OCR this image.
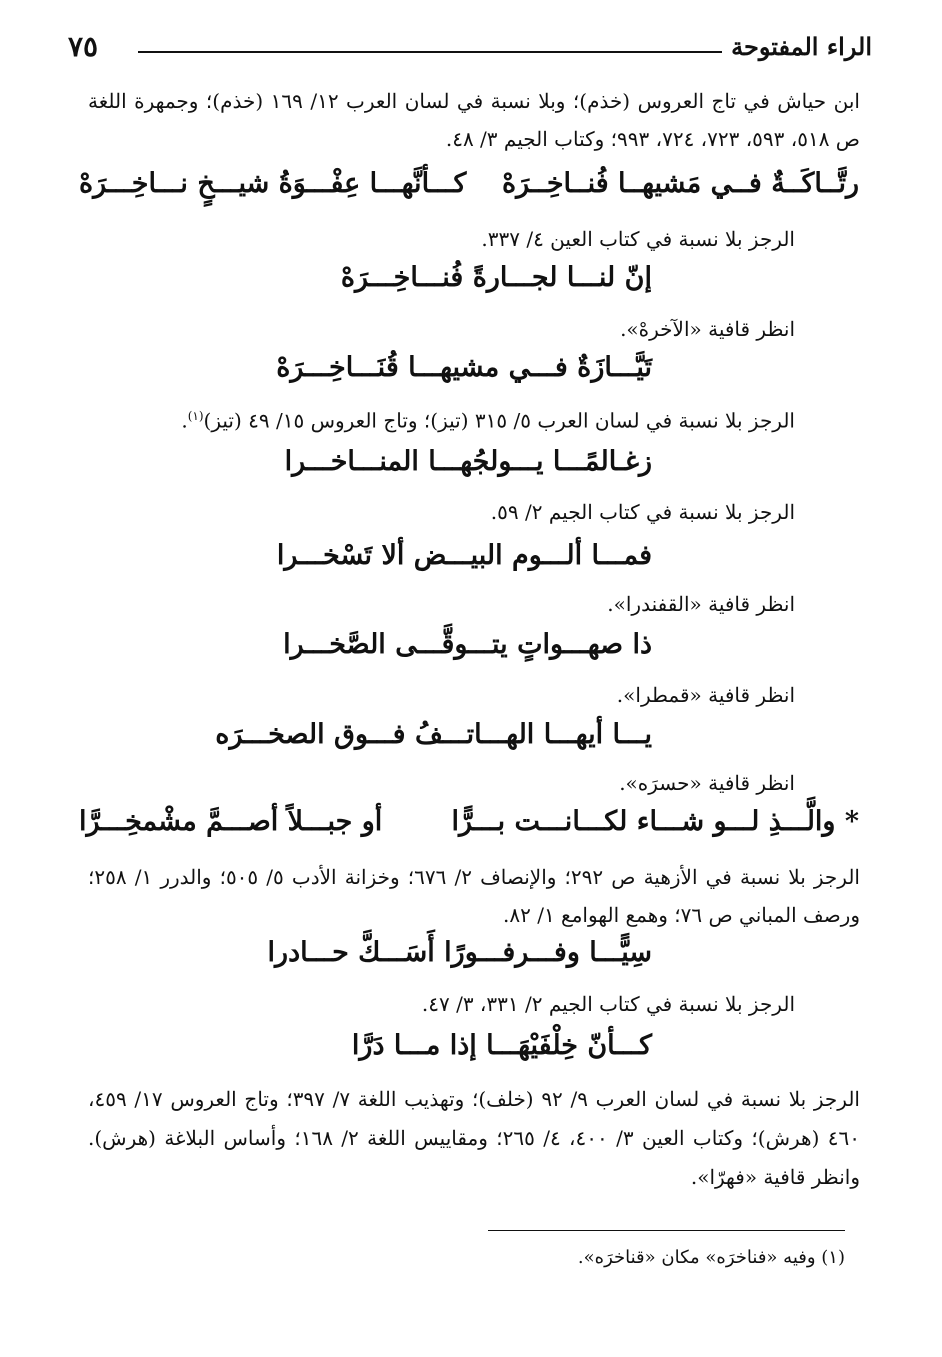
الراء المفتوحة
٧٥
ابن حياش في تاج العروس (خذم)؛ وبلا نسبة في لسان العرب ١٢/ ١٦٩ (خذم)؛ وجمهرة اللغة ص ٥١٨، ٥٩٣، ٧٢٣، ٧٢٤، ٩٩٣؛ وكتاب الجيم ٣/ ٤٨.
رتَّــاكَــةٌ فــي مَشيهــا فُنــاخِــرَهْ
كـــأنَّهـــا عِفْـــوَةُ شيـــخٍ نـــاخِـــرَهْ
الرجز بلا نسبة في كتاب العين ٤/ ٣٣٧.
إنّ لنـــا لجـــارةً فُنـــاخِـــرَهْ
انظر قافية «الآخرهْ».
تَيَّـــازَةٌ فـــي مشيهـــا قُنَـــاخِـــرَهْ
الرجز بلا نسبة في لسان العرب ٥/ ٣١٥ (تيز)؛ وتاج العروس ١٥/ ٤٩ (تيز)$^{(١)}$.
زغـالمًـــا يـــولجُهـــا المنـــاخـــرا
الرجز بلا نسبة في كتاب الجيم ٢/ ٥٩.
فمـــا ألـــوم البيـــض ألا تَسْخـــرا
انظر قافية «القفندرا».
ذا صهـــواتٍ يتـــوقَّـــى الصَّخـــرا
انظر قافية «قمطرا».
يـــا أيهـــا الهـــاتـــفُ فـــوق الصخـــرَه
انظر قافية «حسرَه».
* والَّـــذِ لـــو شـــاء لكـــانـــت بـــرًّا
أو جبـــلاً أصـــمَّ مشْمخِـــرَّا
الرجز بلا نسبة في الأزهية ص ٢٩٢؛ والإنصاف ٢/ ٦٧٦؛ وخزانة الأدب ٥/ ٥٠٥؛ والدرر ١/ ٢٥٨؛ ورصف المباني ص ٧٦؛ وهمع الهوامع ١/ ٨٢.
سِيًّـــا وفـــرفـــورًا أَسَـــكَّ حـــادرا
الرجز بلا نسبة في كتاب الجيم ٢/ ٣٣١، ٣/ ٤٧.
كـــأنّ خِلْفَيْهَـــا إذا مـــا دَرَّا
الرجز بلا نسبة في لسان العرب ٩/ ٩٢ (خلف)؛ وتهذيب اللغة ٧/ ٣٩٧؛ وتاج العروس ١٧/ ٤٥٩، ٤٦٠ (هرش)؛ وكتاب العين ٣/ ٤٠٠، ٤/ ٢٦٥؛ ومقاييس اللغة ٢/ ١٦٨؛ وأساس البلاغة (هرش). وانظر قافية «فهرّا».
(١) وفيه «فناخرَه» مكان «قناخرَه».
